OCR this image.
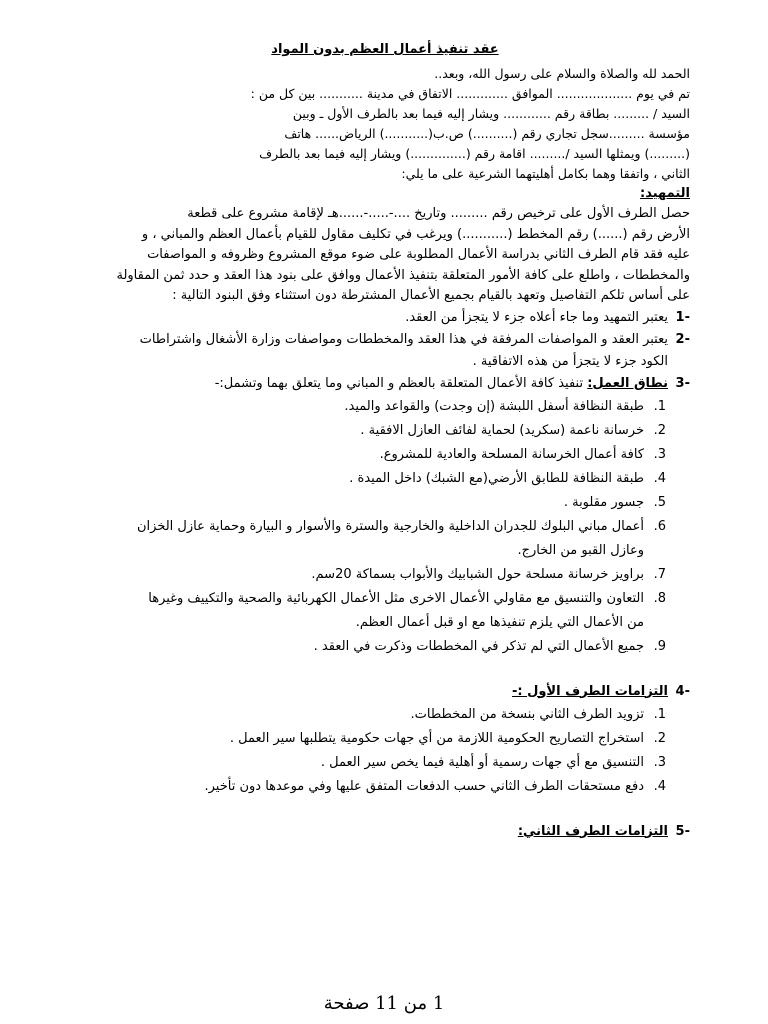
عقد تنفيذ أعمال العظم بدون المواد

الحمد لله والصلاة والسلام على رسول الله، وبعد..

تم في يوم ................... الموافق ............. الاتفاق في مدينة ........... بين كل من :

السيد / ......... بطاقة رقم ............ ويشار إليه فيما بعد بالطرف الأول ـ وبين

مؤسسة .........سجل تجاري رقم (..........) ص.ب(...........) الرياض...... هاتف

(.........) ويمثلها السيد /......... اقامة رقم (..............) ويشار إليه فيما بعد بالطرف

الثاني ، واتفقا وهما بكامل أهليتهما الشرعية على ما يلي:

التمهيد:

حصل الطرف الأول على ترخيص رقم ......... وتاريخ ....-.....-......هـ لإقامة مشروع على قطعة

الأرض رقم (......) رقم المخطط (...........) ويرغب في تكليف مقاول للقيام بأعمال العظم والمباني ، و

عليه فقد قام الطرف الثاني بدراسة الأعمال المطلوبة على ضوء موقع المشروع وظروفه و المواصفات

والمخططات ، واطلع على كافة الأمور المتعلقة بتنفيذ الأعمال ووافق على بنود هذا العقد و حدد ثمن المقاولة

على أساس تلكم التفاصيل وتعهد بالقيام بجميع الأعمال المشترطة دون استثناء وفق البنود التالية :

1-
يعتبر التمهيد وما جاء أعلاه جزء لا يتجزأ من العقد.
2-
يعتبر العقد و المواصفات المرفقة في هذا العقد والمخططات ومواصفات وزارة الأشغال واشتراطات
الكود جزء لا يتجزأ من هذه الاتفاقية .
3-
نطاق العمل: تنفيذ كافة الأعمال المتعلقة بالعظم و المباني وما يتعلق بهما وتشمل:-
1.
طبقة النظافة أسفل اللبشة (إن وجدت) والقواعد والميد.
2.
خرسانة ناعمة (سكريد) لحماية لفائف العازل الافقية .
3.
كافة أعمال الخرسانة المسلحة والعادية للمشروع.
4.
طبقة النظافة للطابق الأرضي(مع الشبك) داخل الميدة .
5.
جسور مقلوبة .
6.
أعمال مباني البلوك للجدران الداخلية والخارجية والسترة والأسوار و البيارة وحماية عازل الخزان
وعازل القبو من الخارج.
7.
براويز خرسانة مسلحة حول الشبابيك والأبواب بسماكة 20سم.
8.
التعاون والتنسيق مع مقاولي الأعمال الاخرى مثل الأعمال الكهربائية والصحية والتكييف وغيرها
من الأعمال التي يلزم تنفيذها مع او قبل أعمال العظم.
9.
جميع الأعمال التي لم تذكر في المخططات وذكرت في العقد .
4-
التزامات الطرف الأول :-
1.
تزويد الطرف الثاني بنسخة من المخططات.
2.
استخراج التصاريح الحكومية اللازمة من أي جهات حكومية يتطلبها سير العمل .
3.
التنسيق مع أي جهات رسمية أو أهلية فيما يخص سير العمل .
4.
دفع مستحقات الطرف الثاني حسب الدفعات المتفق عليها وفي موعدها دون تأخير.
5-
التزامات الطرف الثاني:
1 من 11 صفحة
